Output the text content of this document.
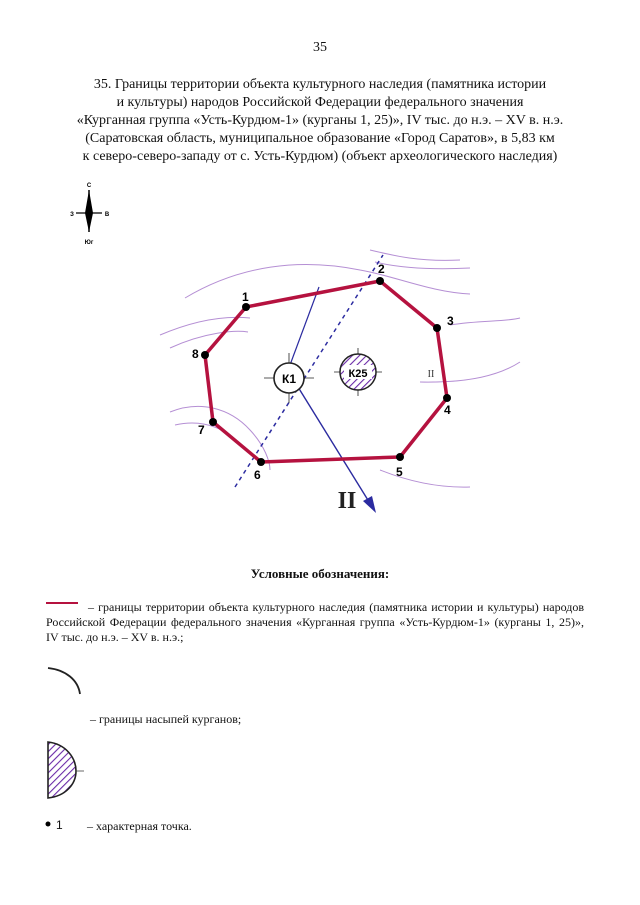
35
35. Границы территории объекта культурного наследия (памятника истории
и культуры) народов Российской Федерации федерального значения
«Курганная группа «Усть-Курдюм-1» (курганы 1, 25)», IV тыс. до н.э. – XV в. н.э.
(Саратовская область, муниципальное образование «Город Саратов», в 5,83 км
к северо-северо-западу от с. Усть-Курдюм) (объект археологического наследия)
С
З	В
Юг
1
2
3
4
5
6
7
8
К1	К25	II
II
Условные обозначения:
– границы территории объекта культурного наследия (памятника истории и культуры) народов Российской Федерации федерального значения «Курганная группа «Усть-Курдюм-1» (курганы 1, 25)», IV тыс. до н.э. – XV в. н.э.;
– границы насыпей курганов;
1 – характерная точка.
